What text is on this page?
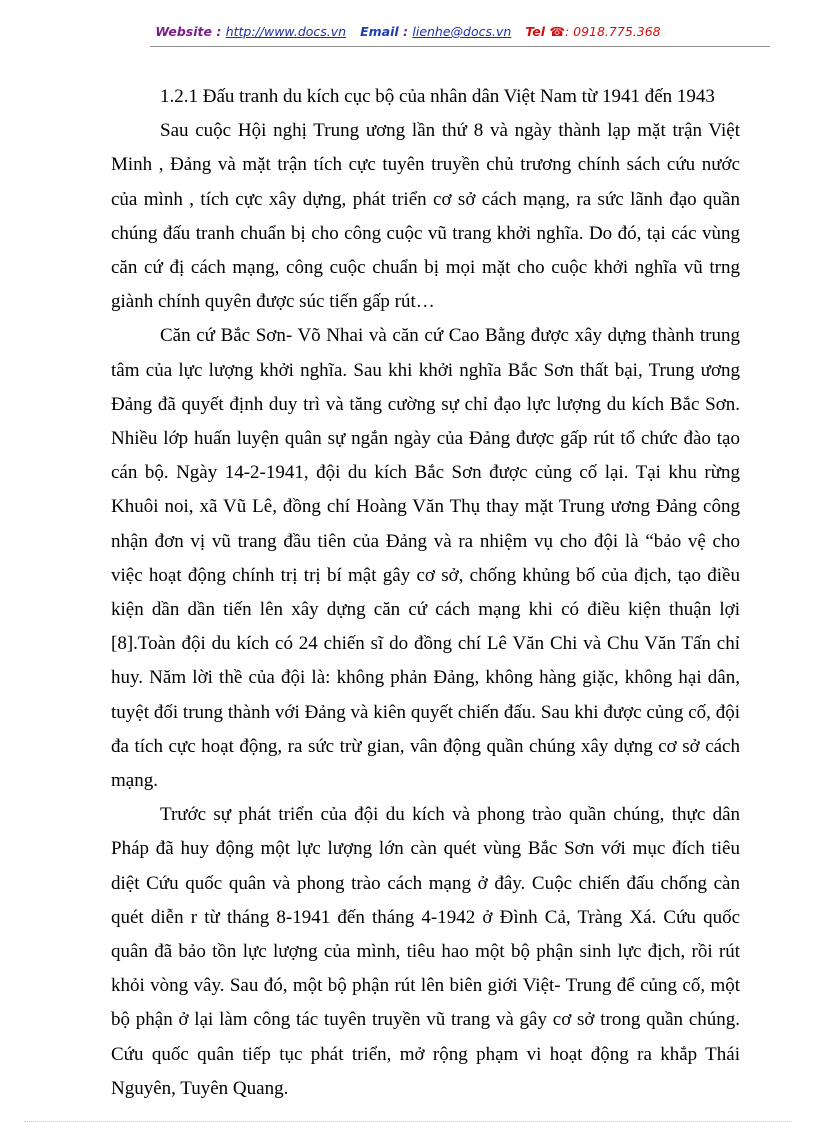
Website : http://www.docs.vn Email : lienhe@docs.vn Tel ☎: 0918.775.368

1.2.1 Đấu tranh du kích cục bộ của nhân dân Việt Nam từ 1941 đến 1943

Sau cuộc Hội nghị Trung ương lần thứ 8 và ngày thành lạp mặt trận Việt Minh , Đảng và mặt trận tích cực tuyên truyền chủ trương chính sách cứu nước của mình , tích cực xây dựng, phát triển cơ sở cách mạng, ra sức lãnh đạo quần chúng đấu tranh chuẩn bị cho công cuộc vũ trang khởi nghĩa. Do đó, tại các vùng căn cứ đị cách mạng, công cuộc chuẩn bị mọi mặt cho cuộc khởi nghĩa vũ trng giành chính quyên được súc tiến gấp rút…

Căn cứ Bắc Sơn- Võ Nhai và căn cứ Cao Bằng được xây dựng thành trung tâm của lực lượng khởi nghĩa. Sau khi khởi nghĩa Bắc Sơn thất bại, Trung ương Đảng đã quyết định duy trì và tăng cường sự chỉ đạo lực lượng du kích Bắc Sơn. Nhiều lớp huấn luyện quân sự ngắn ngày của Đảng được gấp rút tổ chức đào tạo cán bộ. Ngày 14-2-1941, đội du kích Bắc Sơn được củng cố lại. Tại khu rừng Khuôi noi, xã Vũ Lê, đồng chí Hoàng Văn Thụ thay mặt Trung ương Đảng công nhận đơn vị vũ trang đầu tiên của Đảng và ra nhiệm vụ cho đội là “bảo vệ cho việc hoạt động chính trị trị bí mật gây cơ sở, chống khủng bố của địch, tạo điều kiện dần dần tiến lên xây dựng căn cứ cách mạng khi có điều kiện thuận lợi [8].Toàn đội du kích có 24 chiến sĩ do đồng chí Lê Văn Chi và Chu Văn Tấn chỉ huy. Năm lời thề của đội là: không phản Đảng, không hàng giặc, không hại dân, tuyệt đối trung thành với Đảng và kiên quyết chiến đấu. Sau khi được củng cố, đội đa tích cực hoạt động, ra sức trừ gian, vân động quần chúng xây dựng cơ sở cách mạng.

Trước sự phát triển của đội du kích và phong trào quần chúng, thực dân Pháp đã huy động một lực lượng lớn càn quét vùng Bắc Sơn với mục đích tiêu diệt Cứu quốc quân và phong trào cách mạng ở đây. Cuộc chiến đấu chống càn quét diễn r từ tháng 8-1941 đến tháng 4-1942 ở Đình Cả, Tràng Xá. Cứu quốc quân đã bảo tồn lực lượng của mình, tiêu hao một bộ phận sinh lực địch, rồi rút khỏi vòng vây. Sau đó, một bộ phận rút lên biên giới Việt- Trung để củng cố, một bộ phận ở lại làm công tác tuyên truyền vũ trang và gây cơ sở trong quần chúng. Cứu quốc quân tiếp tục phát triển, mở rộng phạm vi hoạt động ra khắp Thái Nguyên, Tuyên Quang.
